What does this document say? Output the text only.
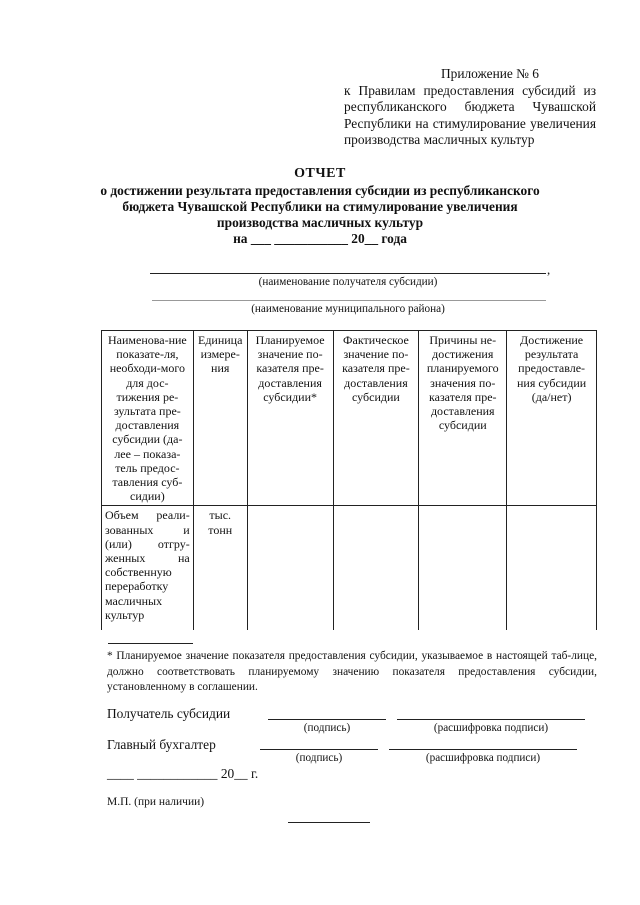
Приложение № 6
к Правилам предоставления субсидий из республиканского бюджета Чувашской Республики на стимулирование увеличения производства масличных культур
ОТЧЕТ
о достижении результата предоставления субсидии из республиканского бюджета Чувашской Республики на стимулирование увеличения производства масличных культур
на ___ ___________ 20__ года
,
(наименование получателя субсидии)
(наименование муниципального района)
Наименова-ние показате-ля, необходи-мого для дос-тижения ре-зультата пре-доставления субсидии (да-лее – показа-тель предос-тавления суб-сидии)	Единица измере-ния	Планируемое значение по-казателя пре-доставления субсидии*	Фактическое значение по-казателя пре-доставления субсидии	Причины не-достижения планируемого значения по-казателя пре-доставления субсидии	Достижение результата предоставле-ния субсидии (да/нет)
Объем реали-зованных и (или) отгру-женных на собственную переработку масличных культур	тыс. тонн				
* Планируемое значение показателя предоставления субсидии, указываемое в настоящей таб-лице, должно соответствовать планируемому значению показателя предоставления субсидии, установленному в соглашении.
Получатель субсидии
(подпись)	(расшифровка подписи)
Главный бухгалтер
(подпись)	(расшифровка подписи)
____ ____________ 20__ г.
М.П. (при наличии)
